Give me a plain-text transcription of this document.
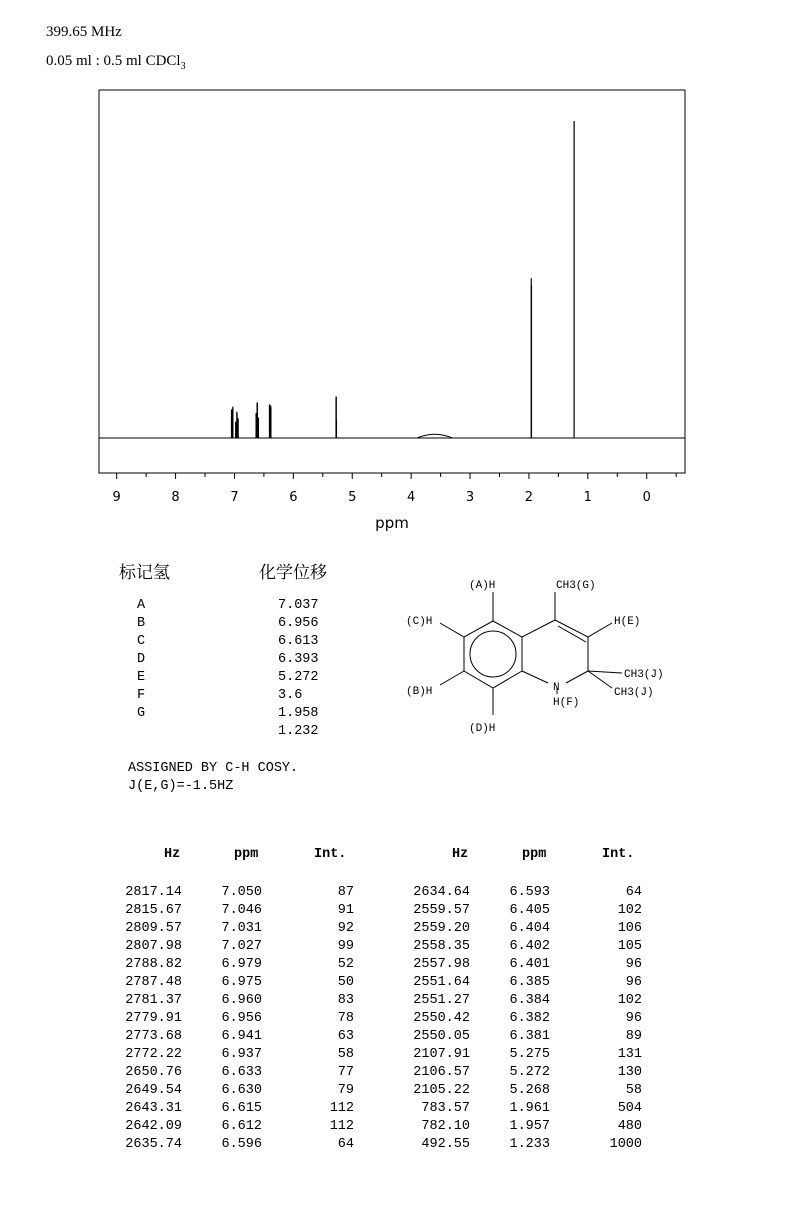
399.65 MHz
0.05 ml : 0.5 ml CDCl$_3$
9	8	7	6	5	4	3	2	1	0
ppm
标记氢	化学位移
A	7.037
B	6.956
C	6.613
D	6.393
E	5.272
F	3.6
G	1.958
1.232
(A)H	CH3(G)
(C)H	H(E)
(B)H
CH3(J)
CH3(J)
N
H(F)
(D)H
ASSIGNED BY C-H COSY.
J(E,G)=-1.5HZ
Hz	ppm	Int.
2817.14	7.050	87
2815.67	7.046	91
2809.57	7.031	92
2807.98	7.027	99
2788.82	6.979	52
2787.48	6.975	50
2781.37	6.960	83
2779.91	6.956	78
2773.68	6.941	63
2772.22	6.937	58
2650.76	6.633	77
2649.54	6.630	79
2643.31	6.615	112
2642.09	6.612	112
2635.74	6.596	64
Hz	ppm	Int.
2634.64	6.593	64
2559.57	6.405	102
2559.20	6.404	106
2558.35	6.402	105
2557.98	6.401	96
2551.64	6.385	96
2551.27	6.384	102
2550.42	6.382	96
2550.05	6.381	89
2107.91	5.275	131
2106.57	5.272	130
2105.22	5.268	58
783.57	1.961	504
782.10	1.957	480
492.55	1.233	1000
